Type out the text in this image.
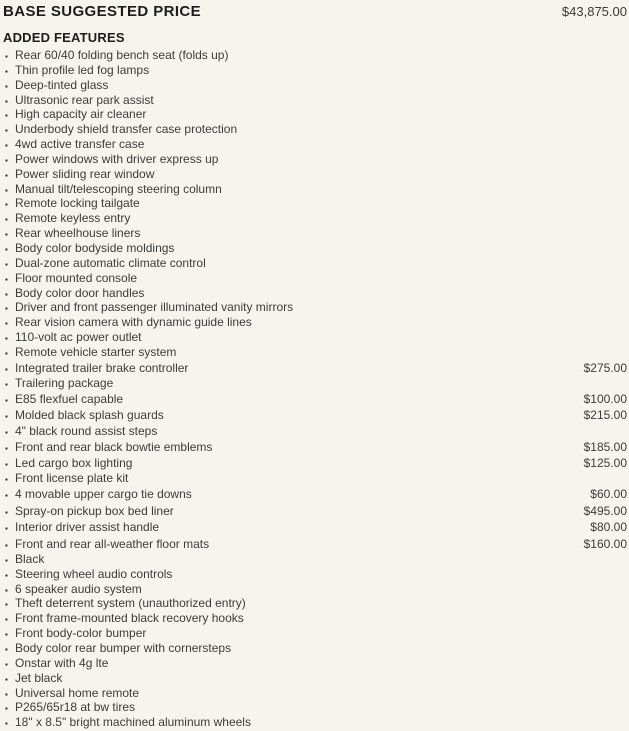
BASE SUGGESTED PRICE	$43,875.00
ADDED FEATURES
▪ Rear 60/40 folding bench seat (folds up)
▪ Thin profile led fog lamps
▪ Deep-tinted glass
▪ Ultrasonic rear park assist
▪ High capacity air cleaner
▪ Underbody shield transfer case protection
▪ 4wd active transfer case
▪ Power windows with driver express up
▪ Power sliding rear window
▪ Manual tilt/telescoping steering column
▪ Remote locking tailgate
▪ Remote keyless entry
▪ Rear wheelhouse liners
▪ Body color bodyside moldings
▪ Dual-zone automatic climate control
▪ Floor mounted console
▪ Body color door handles
▪ Driver and front passenger illuminated vanity mirrors
▪ Rear vision camera with dynamic guide lines
▪ 110-volt ac power outlet
▪ Remote vehicle starter system
▪ Integrated trailer brake controller	$275.00
▪ Trailering package
▪ E85 flexfuel capable	$100.00
▪ Molded black splash guards	$215.00
▪ 4" black round assist steps
▪ Front and rear black bowtie emblems	$185.00
▪ Led cargo box lighting	$125.00
▪ Front license plate kit
▪ 4 movable upper cargo tie downs	$60.00
▪ Spray-on pickup box bed liner	$495.00
▪ Interior driver assist handle	$80.00
▪ Front and rear all-weather floor mats	$160.00
▪ Black
▪ Steering wheel audio controls
▪ 6 speaker audio system
▪ Theft deterrent system (unauthorized entry)
▪ Front frame-mounted black recovery hooks
▪ Front body-color bumper
▪ Body color rear bumper with cornersteps
▪ Onstar with 4g lte
▪ Jet black
▪ Universal home remote
▪ P265/65r18 at bw tires
▪ 18" x 8.5" bright machined aluminum wheels
